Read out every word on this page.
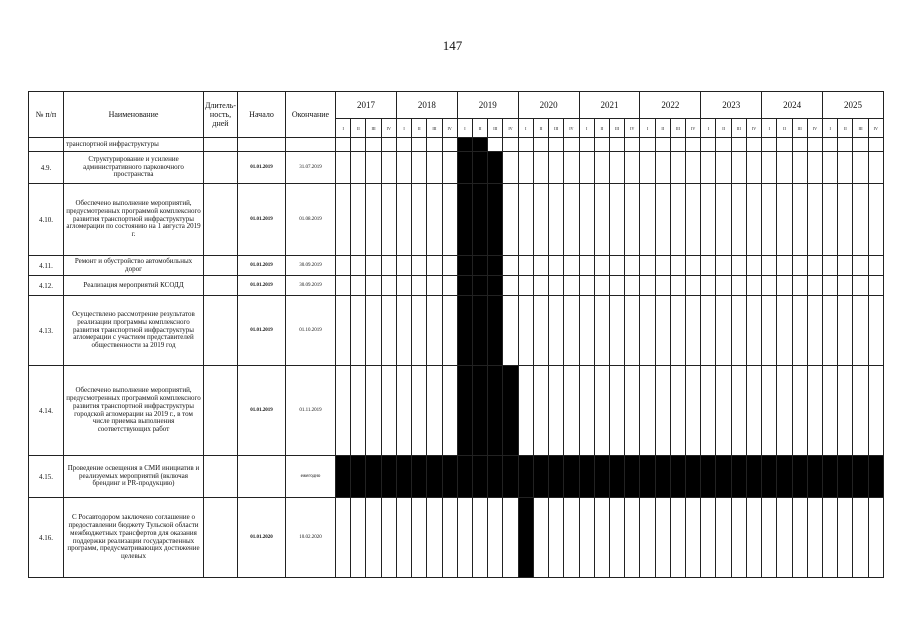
147
№ п/п	Наименование	Длитель-ность, дней	Начало	Окончание	2017				2018				2019				2020				2021				2022				2023				2024				2025			
					I	II	III	IV	I	II	III	IV	I	II	III	IV	I	II	III	IV	I	II	III	IV	I	II	III	IV	I	II	III	IV	I	II	III	IV	I	II	III	IV
	транспортной инфраструктуры																																							
4.9.	Структурирование и усиление административного парковочного пространства		01.01.2019	31.07.2019																																				
4.10.	Обеспечено выполнение мероприятий, предусмотренных программой комплексного развития транспортной инфраструктуры агломерации по состоянию на 1 августа 2019 г.		01.01.2019	01.08.2019																																				
4.11.	Ремонт и обустройство автомобильных дорог		01.01.2019	30.09.2019																																				
4.12.	Реализация мероприятий КСОДД		01.01.2019	30.09.2019																																				
4.13.	Осуществлено рассмотрение результатов реализации программы комплексного развития транспортной инфраструктуры агломерации с участием представителей общественности за 2019 год		01.01.2019	01.10.2019																																				
4.14.	Обеспечено выполнение мероприятий, предусмотренных программой комплексного развития транспортной инфраструктуры городской агломерации на 2019 г., в том числе приемка выполнения соответствующих работ		01.01.2019	01.11.2019																																				
4.15.	Проведение освещения в СМИ инициатив и реализуемых мероприятий (включая брендинг и PR-продукцию)			ежегодно																																				
4.16.	С Росавтодором заключено соглашение о предоставлении бюджету Тульской области межбюджетных трансфертов для оказания поддержки реализации государственных программ, предусматривающих достижение целевых		01.01.2020	10.02.2020																																				
